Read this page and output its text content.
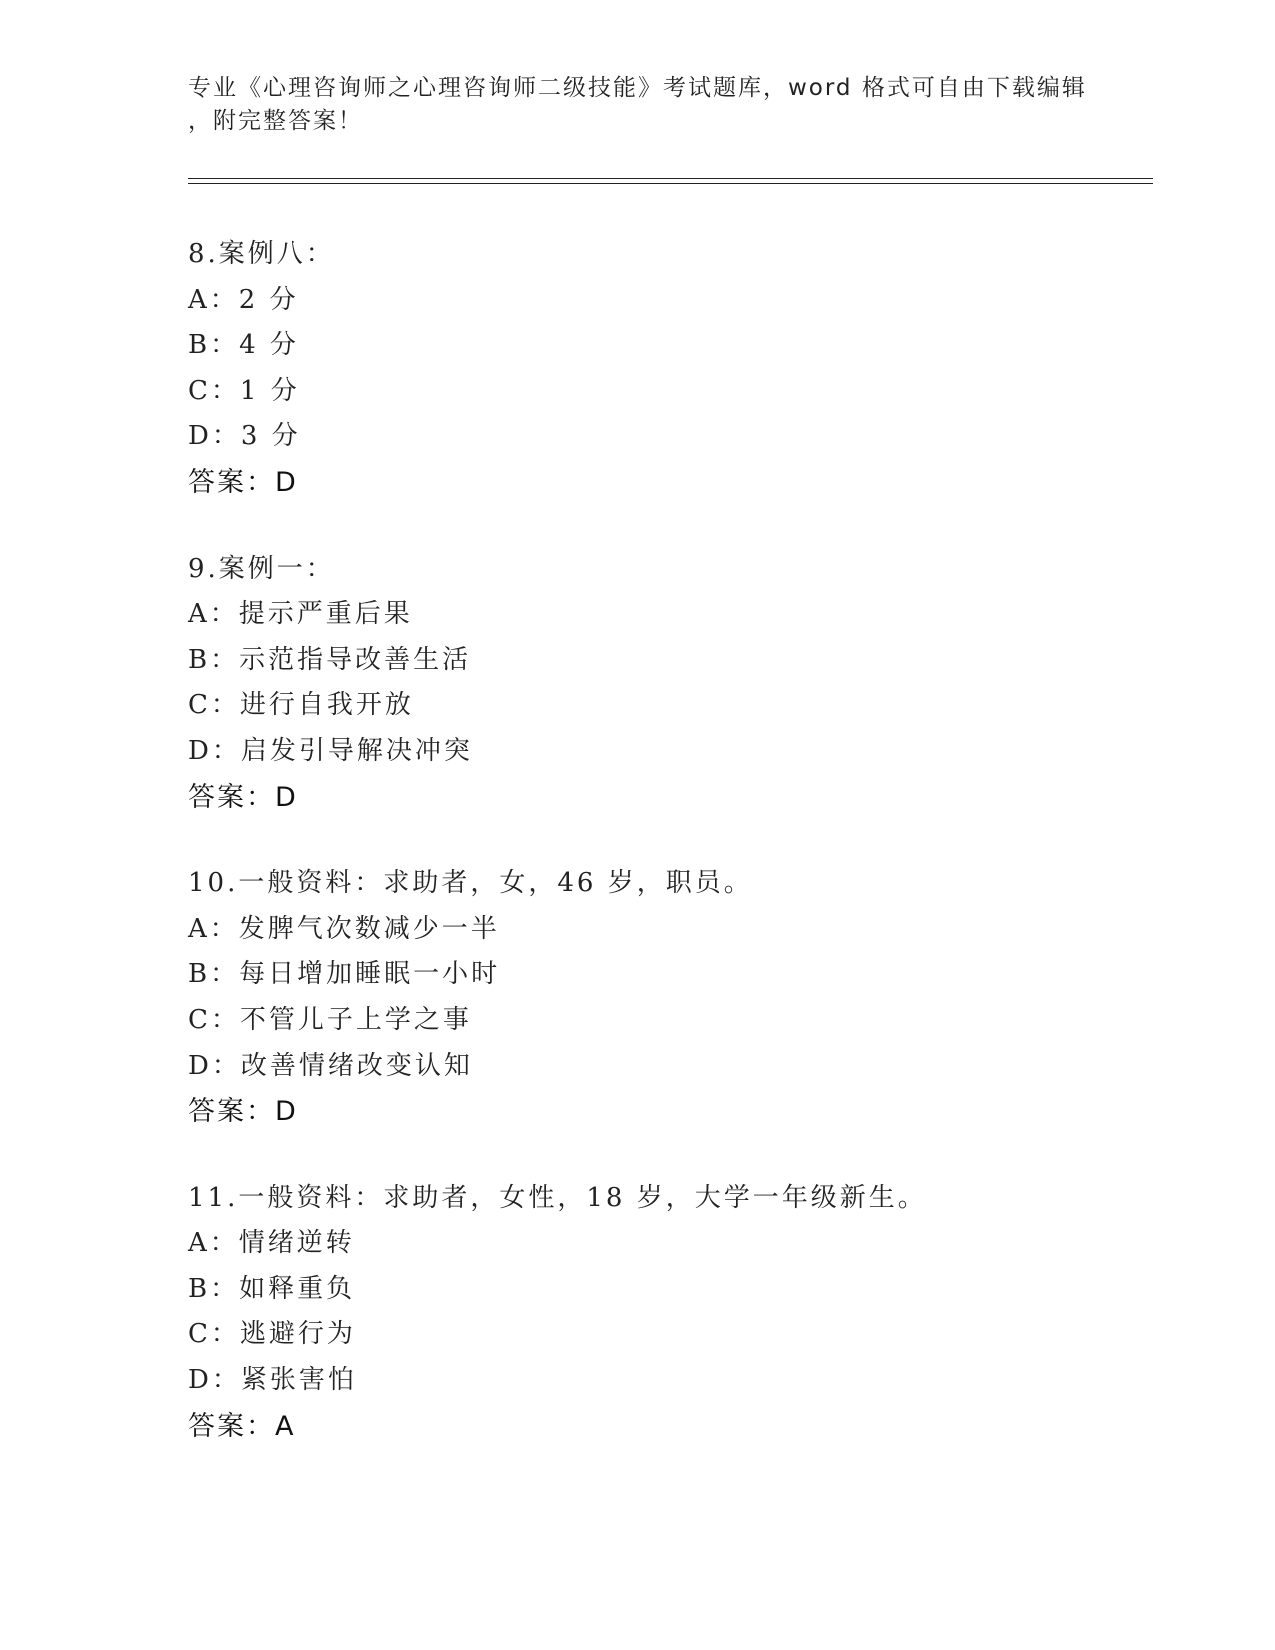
专业《心理咨询师之心理咨询师二级技能》考试题库，word 格式可自由下载编辑
，附完整答案！
8.案例八：
A：2 分
B：4 分
C：1 分
D：3 分
答案：D
9.案例一：
A：提示严重后果
B：示范指导改善生活
C：进行自我开放
D：启发引导解决冲突
答案：D
10.一般资料：求助者，女，46 岁，职员。
A：发脾气次数减少一半
B：每日增加睡眠一小时
C：不管儿子上学之事
D：改善情绪改变认知
答案：D
11.一般资料：求助者，女性，18 岁，大学一年级新生。
A：情绪逆转
B：如释重负
C：逃避行为
D：紧张害怕
答案：A
